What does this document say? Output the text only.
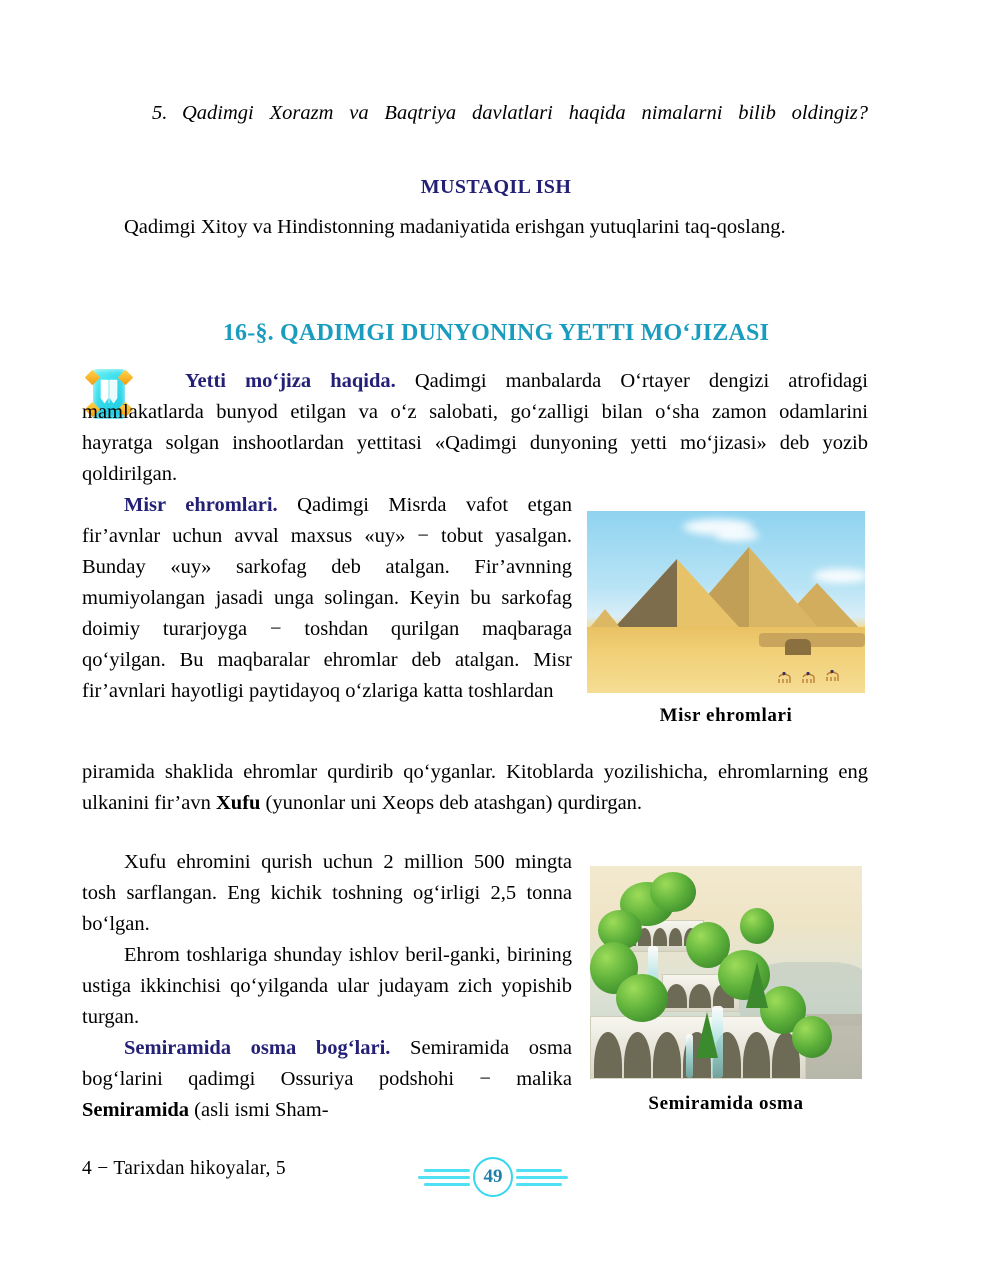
5. Qadimgi Xorazm va Baqtriya davlatlari haqida nimalarni bilib oldingiz?
MUSTAQIL ISH
Qadimgi Xitoy va Hindistonning madaniyatida erishgan yutuqlarini taq-qoslang.
16-§. QADIMGI DUNYONING YETTI MO‘JIZASI
Yetti mo‘jiza haqida. Qadimgi manbalarda O‘rtayer dengizi atrofidagi mamlakatlarda bunyod etilgan va o‘z salobati, go‘zalligi bilan o‘sha zamon odamlarini hayratga solgan inshootlardan yettitasi «Qadimgi dunyoning yetti mo‘jizasi» deb yozib qoldirilgan.
Misr ehromlari. Qadimgi Misrda vafot etgan fir’avnlar uchun avval maxsus «uy» − tobut yasalgan. Bunday «uy» sarkofag deb atalgan. Fir’avnning mumiyolangan jasadi unga solingan. Keyin bu sarkofag doimiy turarjoyga − toshdan qurilgan maqbaraga qo‘yilgan. Bu maqbaralar ehromlar deb atalgan. Misr fir’avnlari hayotligi paytidayoq o‘zlariga katta toshlardan
piramida shaklida ehromlar qurdirib qo‘yganlar. Kitoblarda yozilishicha, ehromlarning eng ulkanini fir’avn Xufu (yunonlar uni Xeops deb atashgan) qurdirgan.
Xufu ehromini qurish uchun 2 million 500 mingta tosh sarflangan. Eng kichik toshning og‘irligi 2,5 tonna bo‘lgan.
Ehrom toshlariga shunday ishlov beril-ganki, birining ustiga ikkinchisi qo‘yilganda ular judayam zich yopishib turgan.
Semiramida osma bog‘lari. Semiramida osma bog‘larini qadimgi Ossuriya podshohi − malika Semiramida (asli ismi Sham-
Misr ehromlari
Semiramida osma
4 − Tarixdan hikoyalar, 5	49
